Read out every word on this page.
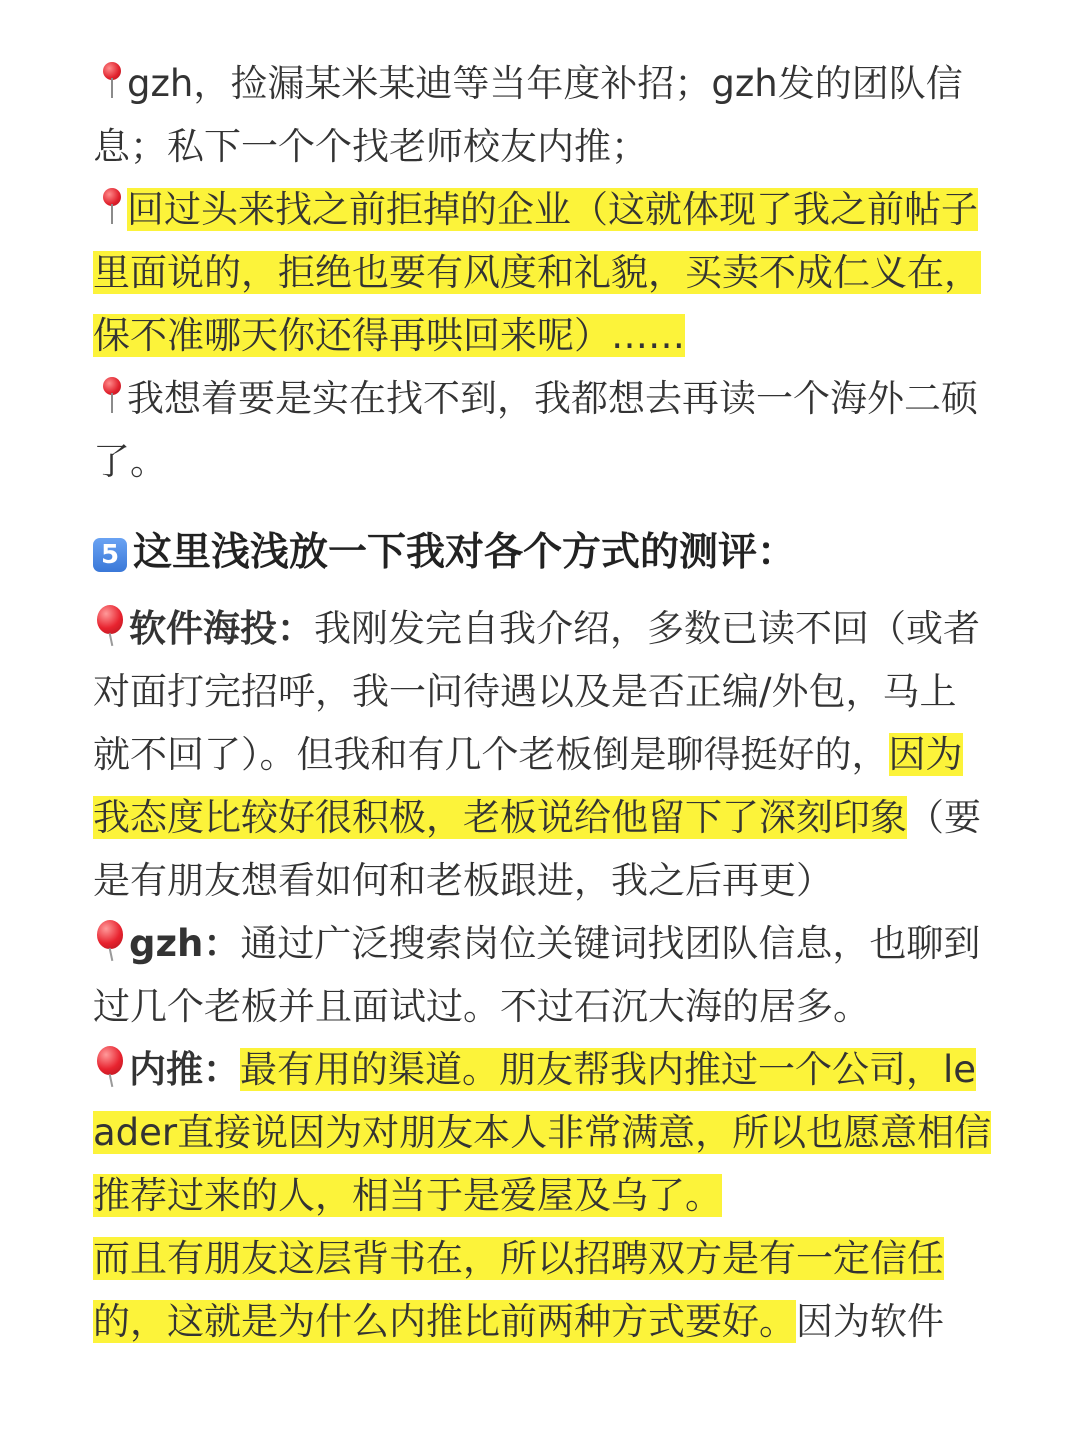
gzh，捡漏某米某迪等当年度补招；gzh发的团队信息；私下一个个找老师校友内推；

回过头来找之前拒掉的企业（这就体现了我之前帖子里面说的，拒绝也要有风度和礼貌，买卖不成仁义在，保不准哪天你还得再哄回来呢）……

我想着要是实在找不到，我都想去再读一个海外二硕了。

5 这里浅浅放一下我对各个方式的测评：

软件海投：我刚发完自我介绍，多数已读不回（或者对面打完招呼，我一问待遇以及是否正编/外包，马上就不回了）。但我和有几个老板倒是聊得挺好的，因为我态度比较好很积极，老板说给他留下了深刻印象（要是有朋友想看如何和老板跟进，我之后再更）

gzh：通过广泛搜索岗位关键词找团队信息，也聊到过几个老板并且面试过。不过石沉大海的居多。

内推：最有用的渠道。朋友帮我内推过一个公司，leader直接说因为对朋友本人非常满意，所以也愿意相信推荐过来的人，相当于是爱屋及乌了。

而且有朋友这层背书在，所以招聘双方是有一定信任的，这就是为什么内推比前两种方式要好。因为软件
